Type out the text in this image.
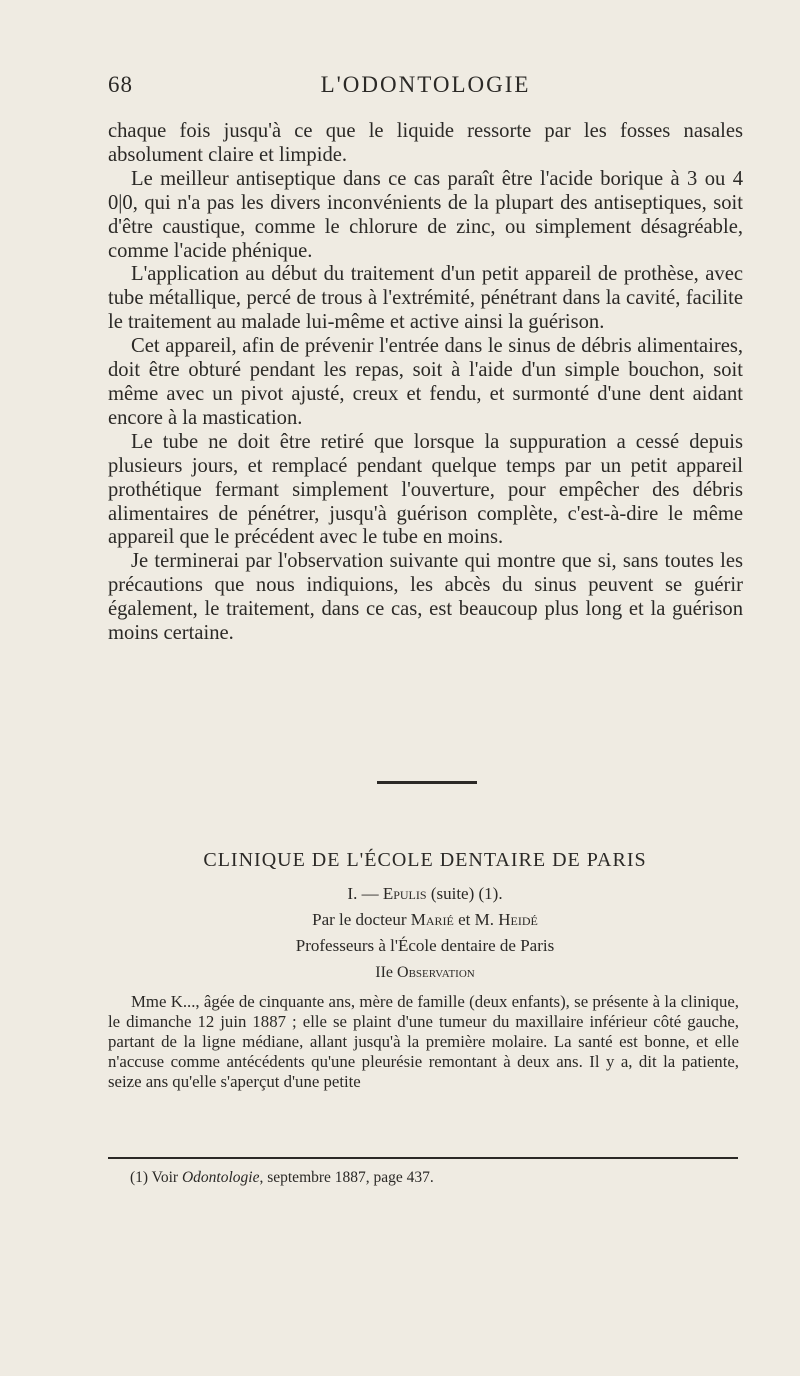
68	L'ODONTOLOGIE

chaque fois jusqu'à ce que le liquide ressorte par les fosses nasales absolument claire et limpide.

Le meilleur antiseptique dans ce cas paraît être l'acide borique à 3 ou 4 0|0, qui n'a pas les divers inconvénients de la plupart des antiseptiques, soit d'être caustique, comme le chlorure de zinc, ou simplement désagréable, comme l'acide phénique.

L'application au début du traitement d'un petit appareil de prothèse, avec tube métallique, percé de trous à l'extrémité, pénétrant dans la cavité, facilite le traitement au malade lui-même et active ainsi la guérison.

Cet appareil, afin de prévenir l'entrée dans le sinus de débris alimentaires, doit être obturé pendant les repas, soit à l'aide d'un simple bouchon, soit même avec un pivot ajusté, creux et fendu, et surmonté d'une dent aidant encore à la mastication.

Le tube ne doit être retiré que lorsque la suppuration a cessé depuis plusieurs jours, et remplacé pendant quelque temps par un petit appareil prothétique fermant simplement l'ouverture, pour empêcher des débris alimentaires de pénétrer, jusqu'à guérison complète, c'est-à-dire le même appareil que le précédent avec le tube en moins.

Je terminerai par l'observation suivante qui montre que si, sans toutes les précautions que nous indiquions, les abcès du sinus peuvent se guérir également, le traitement, dans ce cas, est beaucoup plus long et la guérison moins certaine.

CLINIQUE DE L'ÉCOLE DENTAIRE DE PARIS
I. — Epulis (suite) (1).
Par le docteur Marié et M. Heidé
Professeurs à l'École dentaire de Paris
IIe Observation

Mme K..., âgée de cinquante ans, mère de famille (deux enfants), se présente à la clinique, le dimanche 12 juin 1887 ; elle se plaint d'une tumeur du maxillaire inférieur côté gauche, partant de la ligne médiane, allant jusqu'à la première molaire. La santé est bonne, et elle n'accuse comme antécédents qu'une pleurésie remontant à deux ans. Il y a, dit la patiente, seize ans qu'elle s'aperçut d'une petite

(1) Voir Odontologie, septembre 1887, page 437.
